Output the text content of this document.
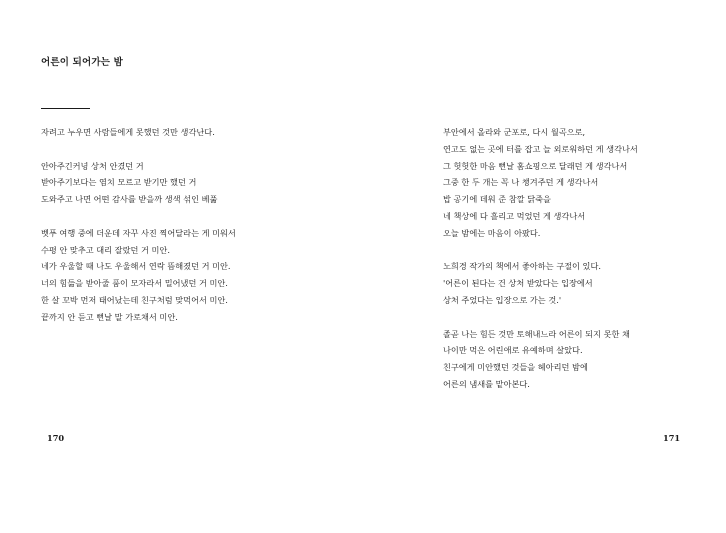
어른이 되어가는 밤
자려고 누우면 사람들에게 못했던 것만 생각난다.
안아주긴커녕 상처 안겼던 거
받아주기보다는 염치 모르고 받기만 했던 거
도와주고 나면 어떤 감사를 받을까 생색 섞인 베풂
벳푸 여행 중에 더운데 자꾸 사진 찍어달라는 게 미워서
수평 안 맞추고 대리 잘랐던 거 미안.
네가 우울할 때 나도 우울해서 연락 뜸해졌던 거 미안.
너의 힘듦을 받아줄 품이 모자라서 밀어냈던 거 미안.
한 살 꼬박 먼저 태어났는데 친구처럼 맞먹어서 미안.
끝까지 안 듣고 뻔날 말 가로채서 미안.
부안에서 올라와 군포로, 다시 월곡으로,
연고도 없는 곳에 터를 잡고 늘 외로워하던 게 생각나서
그 헛헛한 마음 뻔날 홈쇼핑으로 달래던 게 생각나서
그중 한 두 개는 꼭 나 챙겨주던 게 생각나서
밥 공기에 데워 준 참깔 닭죽을
네 책상에 다 흘리고 먹었던 게 생각나서
오늘 밤에는 마음이 아팠다.
노희경 작가의 책에서 좋아하는 구절이 있다.
'어른이 된다는 건 상처 받았다는 입장에서
상처 주었다는 입장으로 가는 것.'
졸곧 나는 힘든 것만 토해내느라 어른이 되지 못한 채
나이만 먹은 어린애로 유예하며 살았다.
친구에게 미안했던 것들을 헤아리던 밤에
어른의 냄새를 맡아본다.
170	171
